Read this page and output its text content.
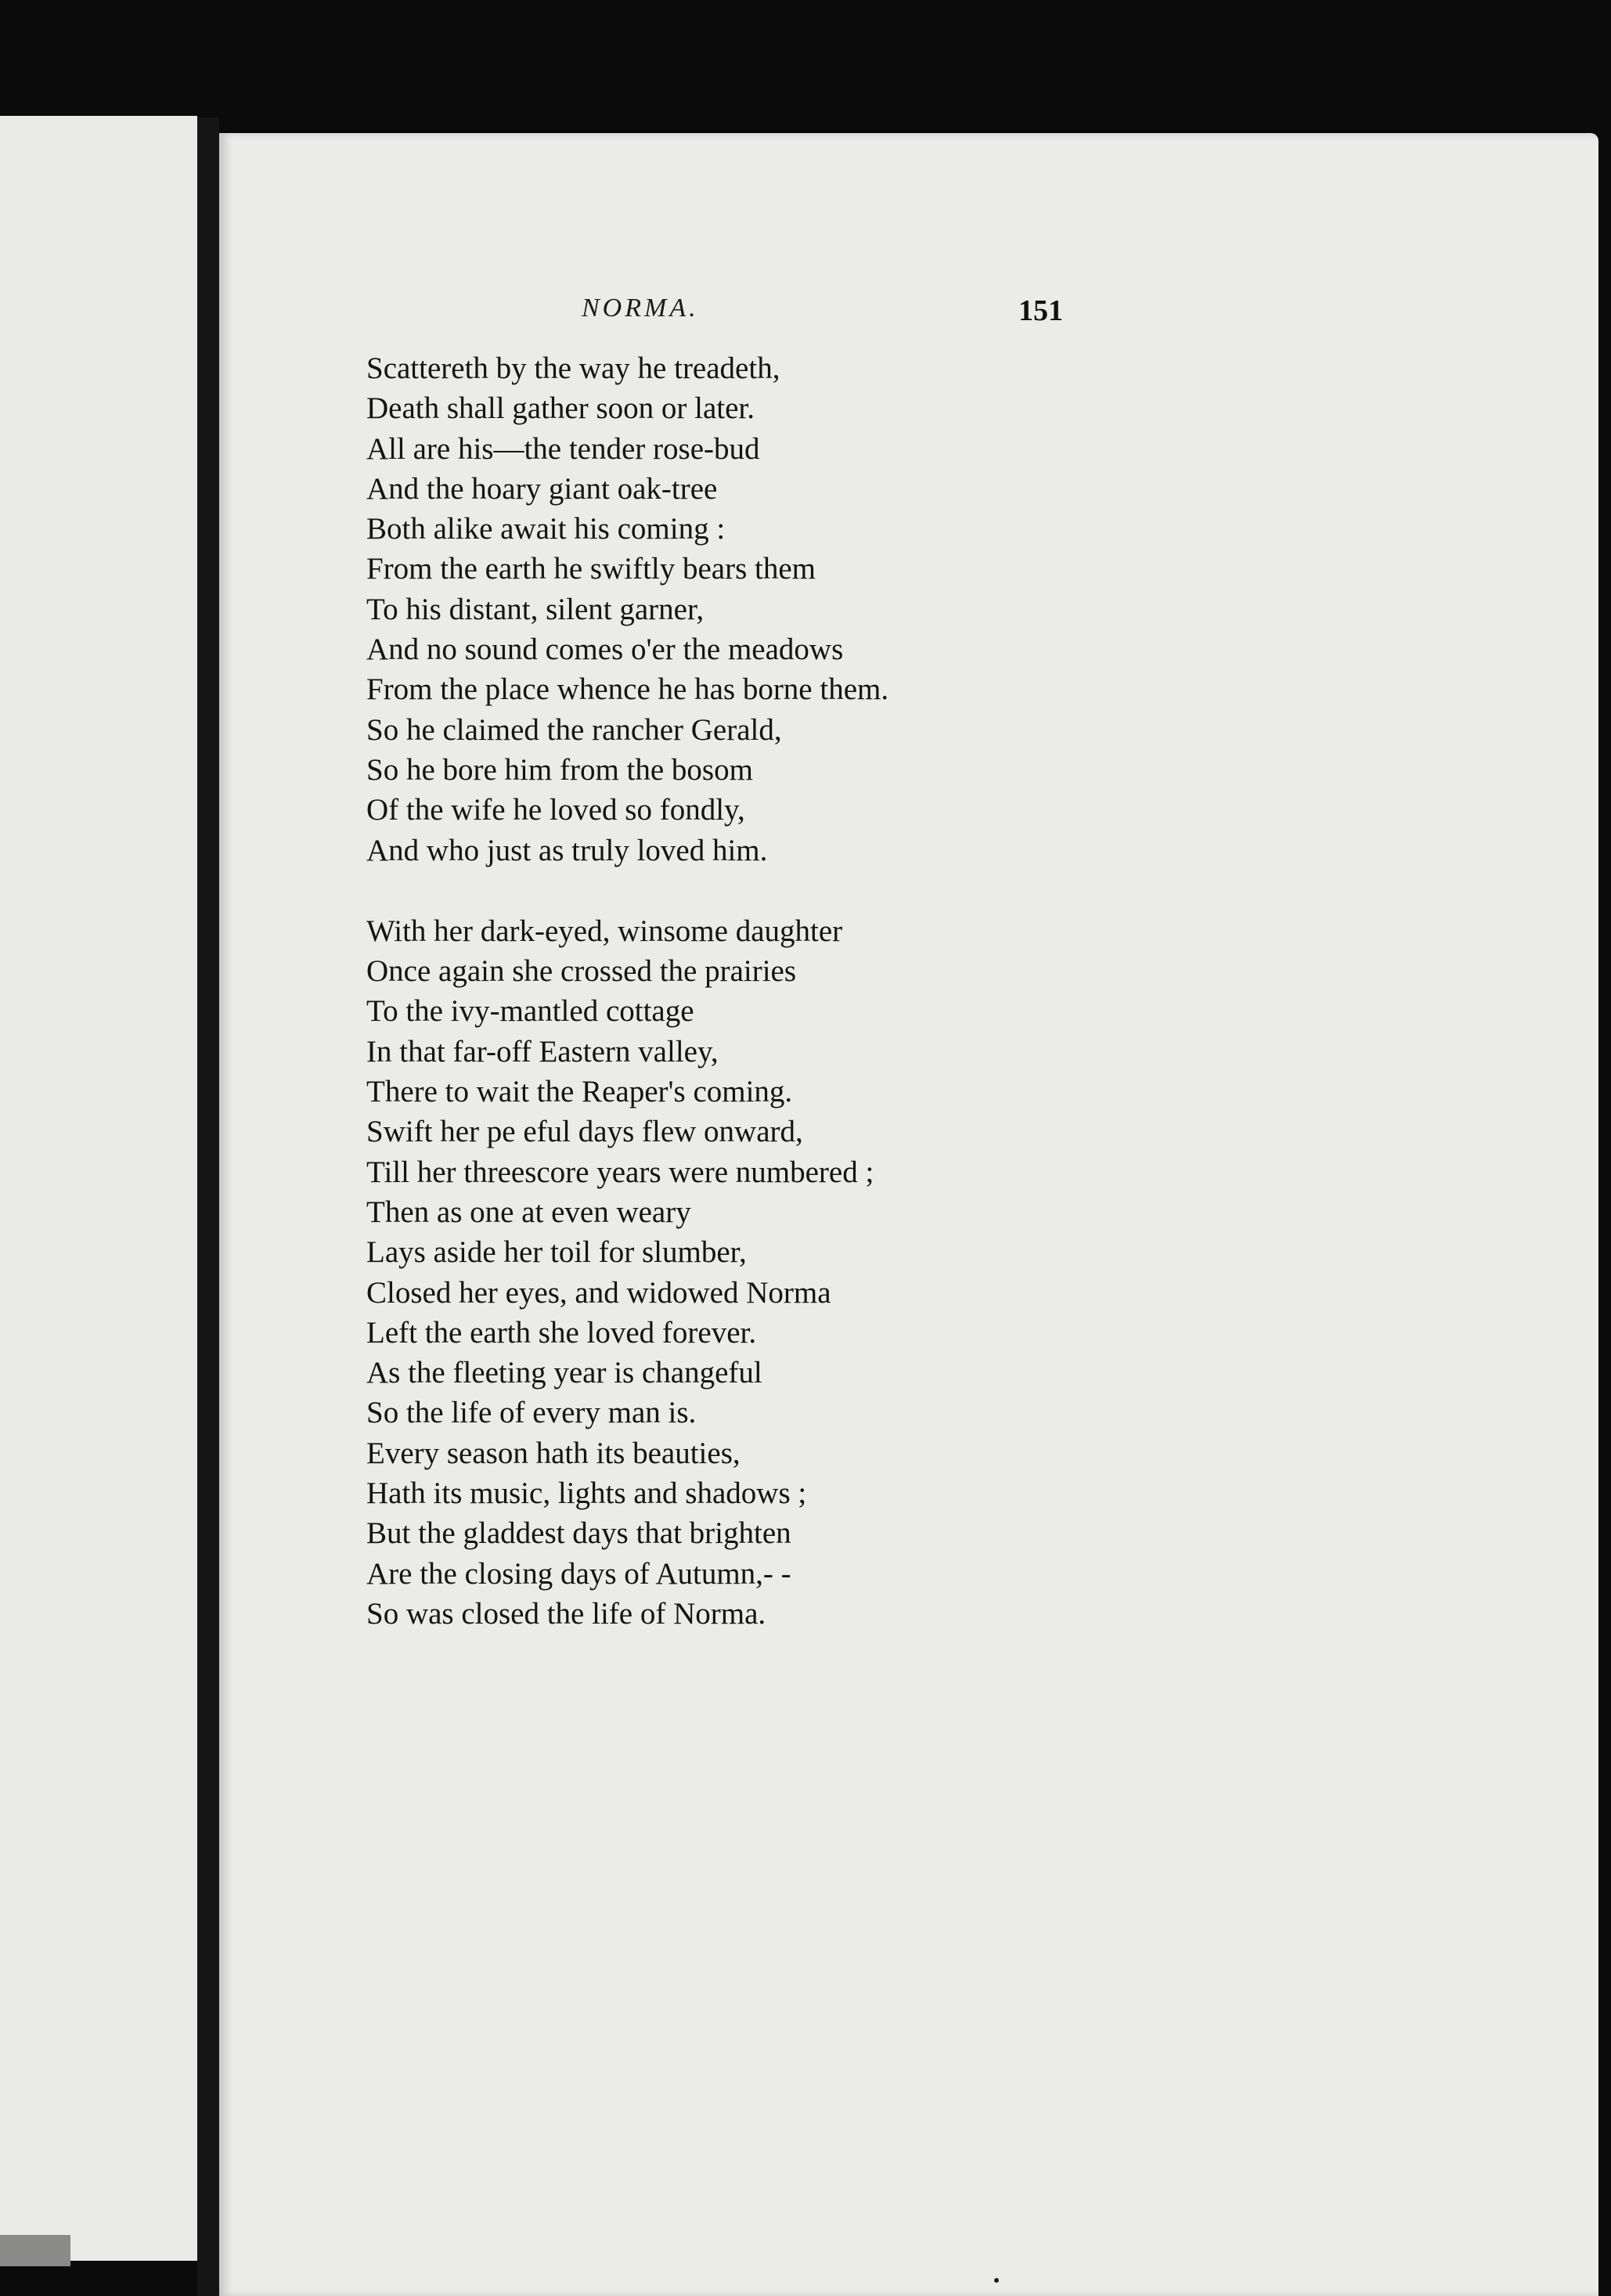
NORMA.	151
Scattereth by the way he treadeth,
Death shall gather soon or later.
All are his—the tender rose-bud
And the hoary giant oak-tree
Both alike await his coming :
From the earth he swiftly bears them
To his distant, silent garner,
And no sound comes o'er the meadows
From the place whence he has borne them.
So he claimed the rancher Gerald,
So he bore him from the bosom
Of the wife he loved so fondly,
And who just as truly loved him.
With her dark-eyed, winsome daughter
Once again she crossed the prairies
To the ivy-mantled cottage
In that far-off Eastern valley,
There to wait the Reaper's coming.
Swift her pe eful days flew onward,
Till her threescore years were numbered ;
Then as one at even weary
Lays aside her toil for slumber,
Closed her eyes, and widowed Norma
Left the earth she loved forever.
As the fleeting year is changeful
So the life of every man is.
Every season hath its beauties,
Hath its music, lights and shadows ;
But the gladdest days that brighten
Are the closing days of Autumn,- -
So was closed the life of Norma.
